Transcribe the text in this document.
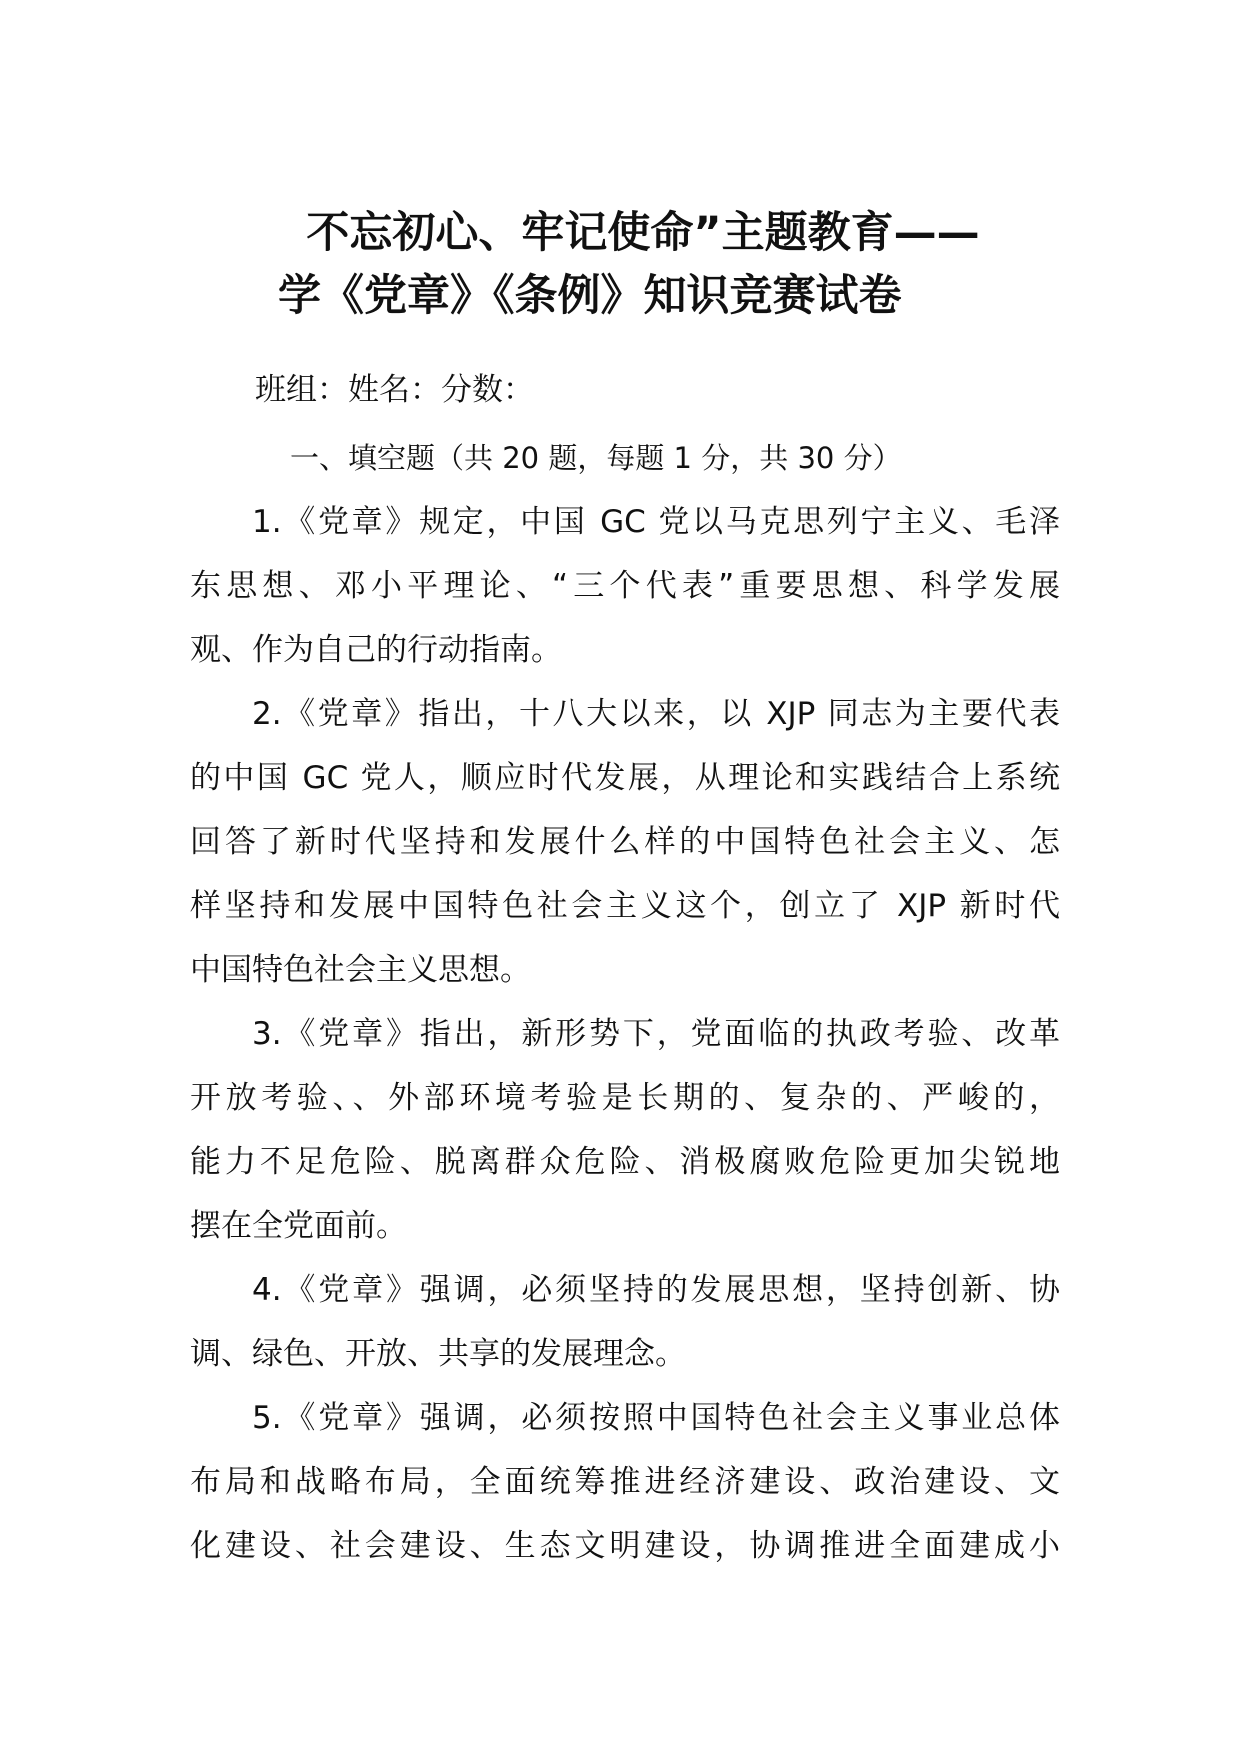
不忘初心、牢记使命”主题教育——
学《党章》《条例》知识竞赛试卷
班组：姓名：分数：
一、填空题（共 20 题，每题 1 分，共 30 分）
1.《党章》规定，中国 GC 党以马克思列宁主义、毛泽
东思想、邓小平理论、“三个代表”重要思想、科学发展
观、作为自己的行动指南。
2.《党章》指出，十八大以来，以 XJP 同志为主要代表
的中国 GC 党人，顺应时代发展，从理论和实践结合上系统
回答了新时代坚持和发展什么样的中国特色社会主义、怎
样坚持和发展中国特色社会主义这个，创立了 XJP 新时代
中国特色社会主义思想。
3.《党章》指出，新形势下，党面临的执政考验、改革
开放考验、、外部环境考验是长期的、复杂的、严峻的，
能力不足危险、脱离群众危险、消极腐败危险更加尖锐地
摆在全党面前。
4.《党章》强调，必须坚持的发展思想，坚持创新、协
调、绿色、开放、共享的发展理念。
5.《党章》强调，必须按照中国特色社会主义事业总体
布局和战略布局，全面统筹推进经济建设、政治建设、文
化建设、社会建设、生态文明建设，协调推进全面建成小
